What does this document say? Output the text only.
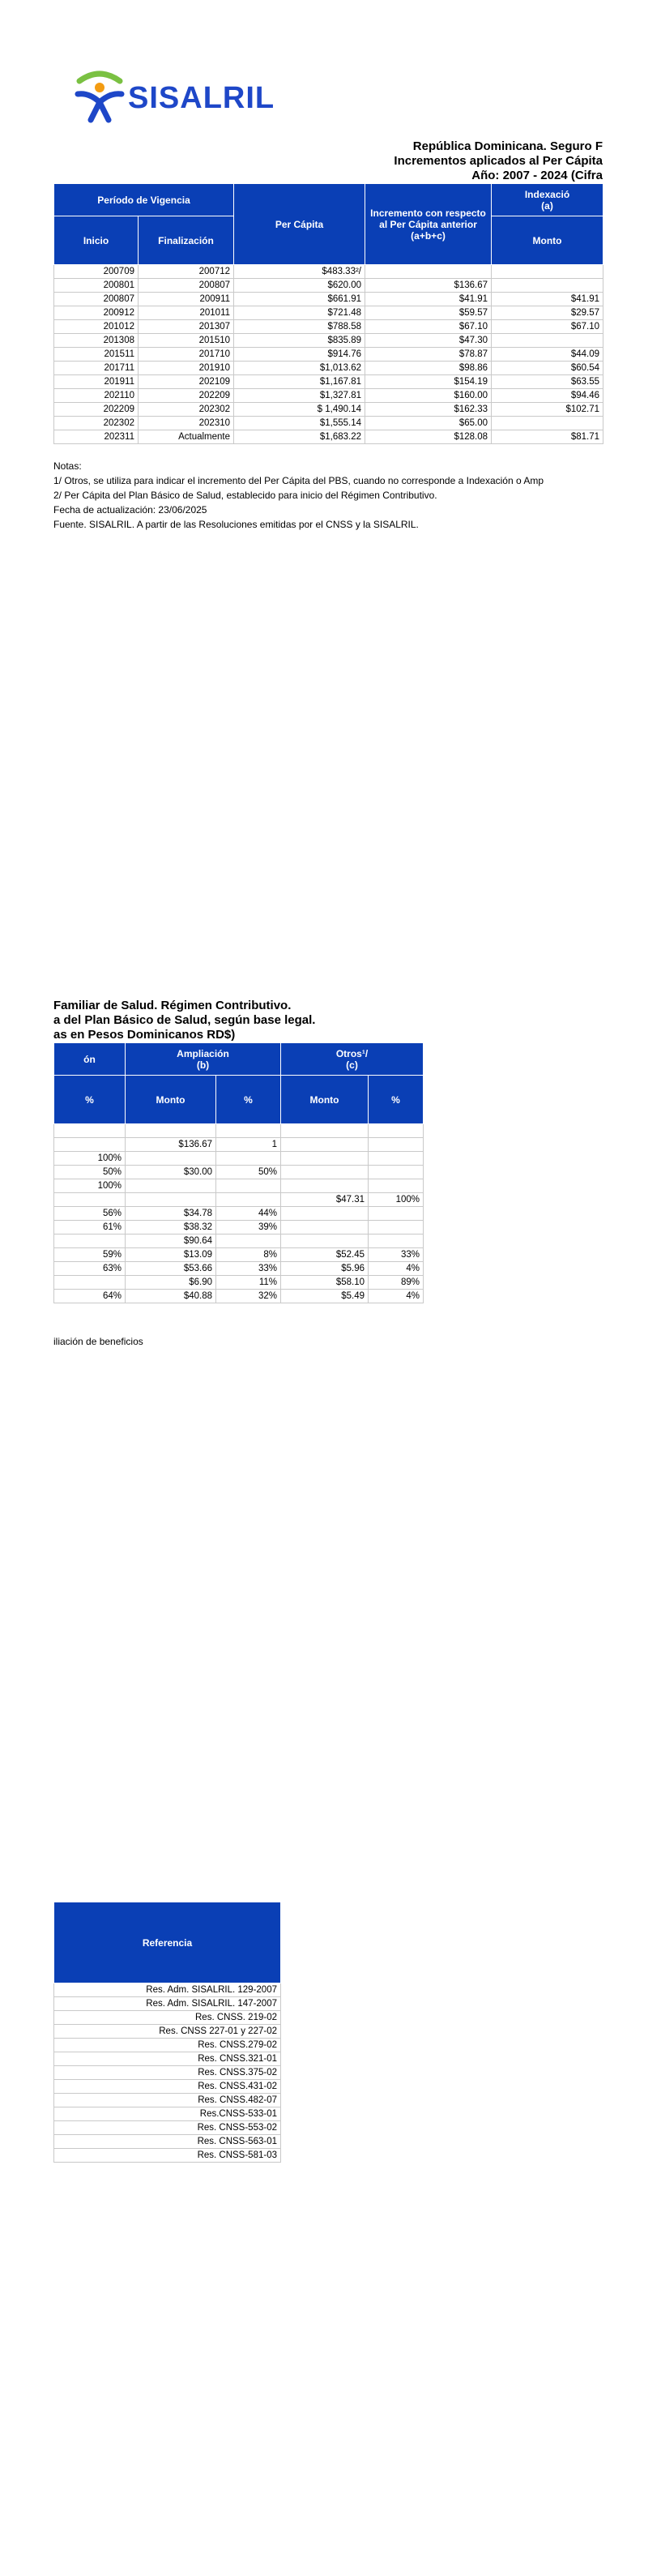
SISALRIL
República Dominicana. Seguro F
Incrementos aplicados al Per Cápita
Año: 2007 - 2024 (Cifra
Período de Vigencia		Per Cápita	Incremento con respecto al Per Cápita anterior (a+b+c)	Indexació
(a)
Inicio	Finalización			Monto
200709	200712	$483.33²/		
200801	200807	$620.00	$136.67	
200807	200911	$661.91	$41.91	$41.91
200912	201011	$721.48	$59.57	$29.57
201012	201307	$788.58	$67.10	$67.10
201308	201510	$835.89	$47.30	
201511	201710	$914.76	$78.87	$44.09
201711	201910	$1,013.62	$98.86	$60.54
201911	202109	$1,167.81	$154.19	$63.55
202110	202209	$1,327.81	$160.00	$94.46
202209	202302	$ 1,490.14	$162.33	$102.71
202302	202310	$1,555.14	$65.00	
202311	Actualmente	$1,683.22	$128.08	$81.71
Notas:
1/ Otros, se utiliza para indicar el incremento del Per Cápita del PBS, cuando no corresponde a Indexación o Amp
2/ Per Cápita del Plan Básico de Salud, establecido para inicio del Régimen Contributivo.
Fecha de actualización: 23/06/2025
Fuente. SISALRIL. A partir de las Resoluciones emitidas por el CNSS y la SISALRIL.
Familiar de Salud. Régimen Contributivo.
a del Plan Básico de Salud, según base legal.
as en Pesos Dominicanos RD$)
ón	Ampliación
(b)		Otros¹/
(c)	
%	Monto	%	Monto	%

	$136.67	1		
100%				
50%	$30.00	50%		
100%				
			$47.31	100%
56%	$34.78	44%		
61%	$38.32	39%		
	$90.64			
59%	$13.09	8%	$52.45	33%
63%	$53.66	33%	$5.96	4%
	$6.90	11%	$58.10	89%
64%	$40.88	32%	$5.49	4%
iliación de beneficios
Referencia
Res. Adm. SISALRIL. 129-2007
Res. Adm. SISALRIL. 147-2007
Res. CNSS. 219-02
Res. CNSS 227-01 y 227-02
Res. CNSS.279-02
Res. CNSS.321-01
Res. CNSS.375-02
Res. CNSS.431-02
Res. CNSS.482-07
Res.CNSS-533-01
Res. CNSS-553-02
Res. CNSS-563-01
Res. CNSS-581-03
